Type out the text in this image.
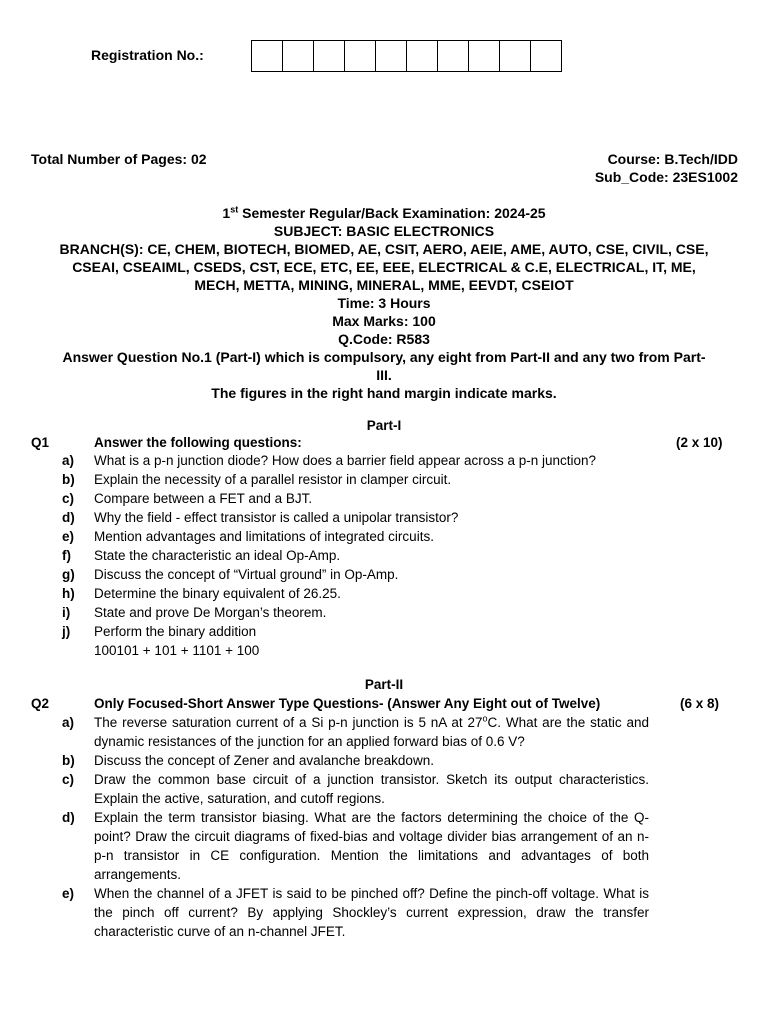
Registration No.:
Total Number of Pages: 02	Course: B.Tech/IDD
Sub_Code: 23ES1002
1st Semester Regular/Back Examination: 2024-25
SUBJECT: BASIC ELECTRONICS
BRANCH(S): CE, CHEM, BIOTECH, BIOMED, AE, CSIT, AERO, AEIE, AME, AUTO, CSE, CIVIL, CSE,
CSEAI, CSEAIML, CSEDS, CST, ECE, ETC, EE, EEE, ELECTRICAL & C.E, ELECTRICAL, IT, ME,
MECH, METTA, MINING, MINERAL, MME, EEVDT, CSEIOT
Time: 3 Hours
Max Marks: 100
Q.Code: R583
Answer Question No.1 (Part-I) which is compulsory, any eight from Part-II and any two from Part-
III.
The figures in the right hand margin indicate marks.
Part-I
Q1	Answer the following questions:	(2 x 10)
a)	What is a p-n junction diode? How does a barrier field appear across a p-n junction?
b)	Explain the necessity of a parallel resistor in clamper circuit.
c)	Compare between a FET and a BJT.
d)	Why the field - effect transistor is called a unipolar transistor?
e)	Mention advantages and limitations of integrated circuits.
f)	State the characteristic an ideal Op-Amp.
g)	Discuss the concept of “Virtual ground” in Op-Amp.
h)	Determine the binary equivalent of 26.25.
i)	State and prove De Morgan’s theorem.
j)	Perform the binary addition
100101 + 101 + 1101 + 100
Part-II
Q2	Only Focused-Short Answer Type Questions- (Answer Any Eight out of Twelve)	(6 x 8)
a)	The reverse saturation current of a Si p-n junction is 5 nA at 27$^o$C. What are the static and dynamic resistances of the junction for an applied forward bias of 0.6 V?
b)	Discuss the concept of Zener and avalanche breakdown.
c)	Draw the common base circuit of a junction transistor. Sketch its output characteristics. Explain the active, saturation, and cutoff regions.
d)	Explain the term transistor biasing. What are the factors determining the choice of the Q-point? Draw the circuit diagrams of fixed-bias and voltage divider bias arrangement of an n-p-n transistor in CE configuration. Mention the limitations and advantages of both arrangements.
e)	When the channel of a JFET is said to be pinched off? Define the pinch-off voltage. What is the pinch off current? By applying Shockley’s current expression, draw the transfer characteristic curve of an n-channel JFET.
